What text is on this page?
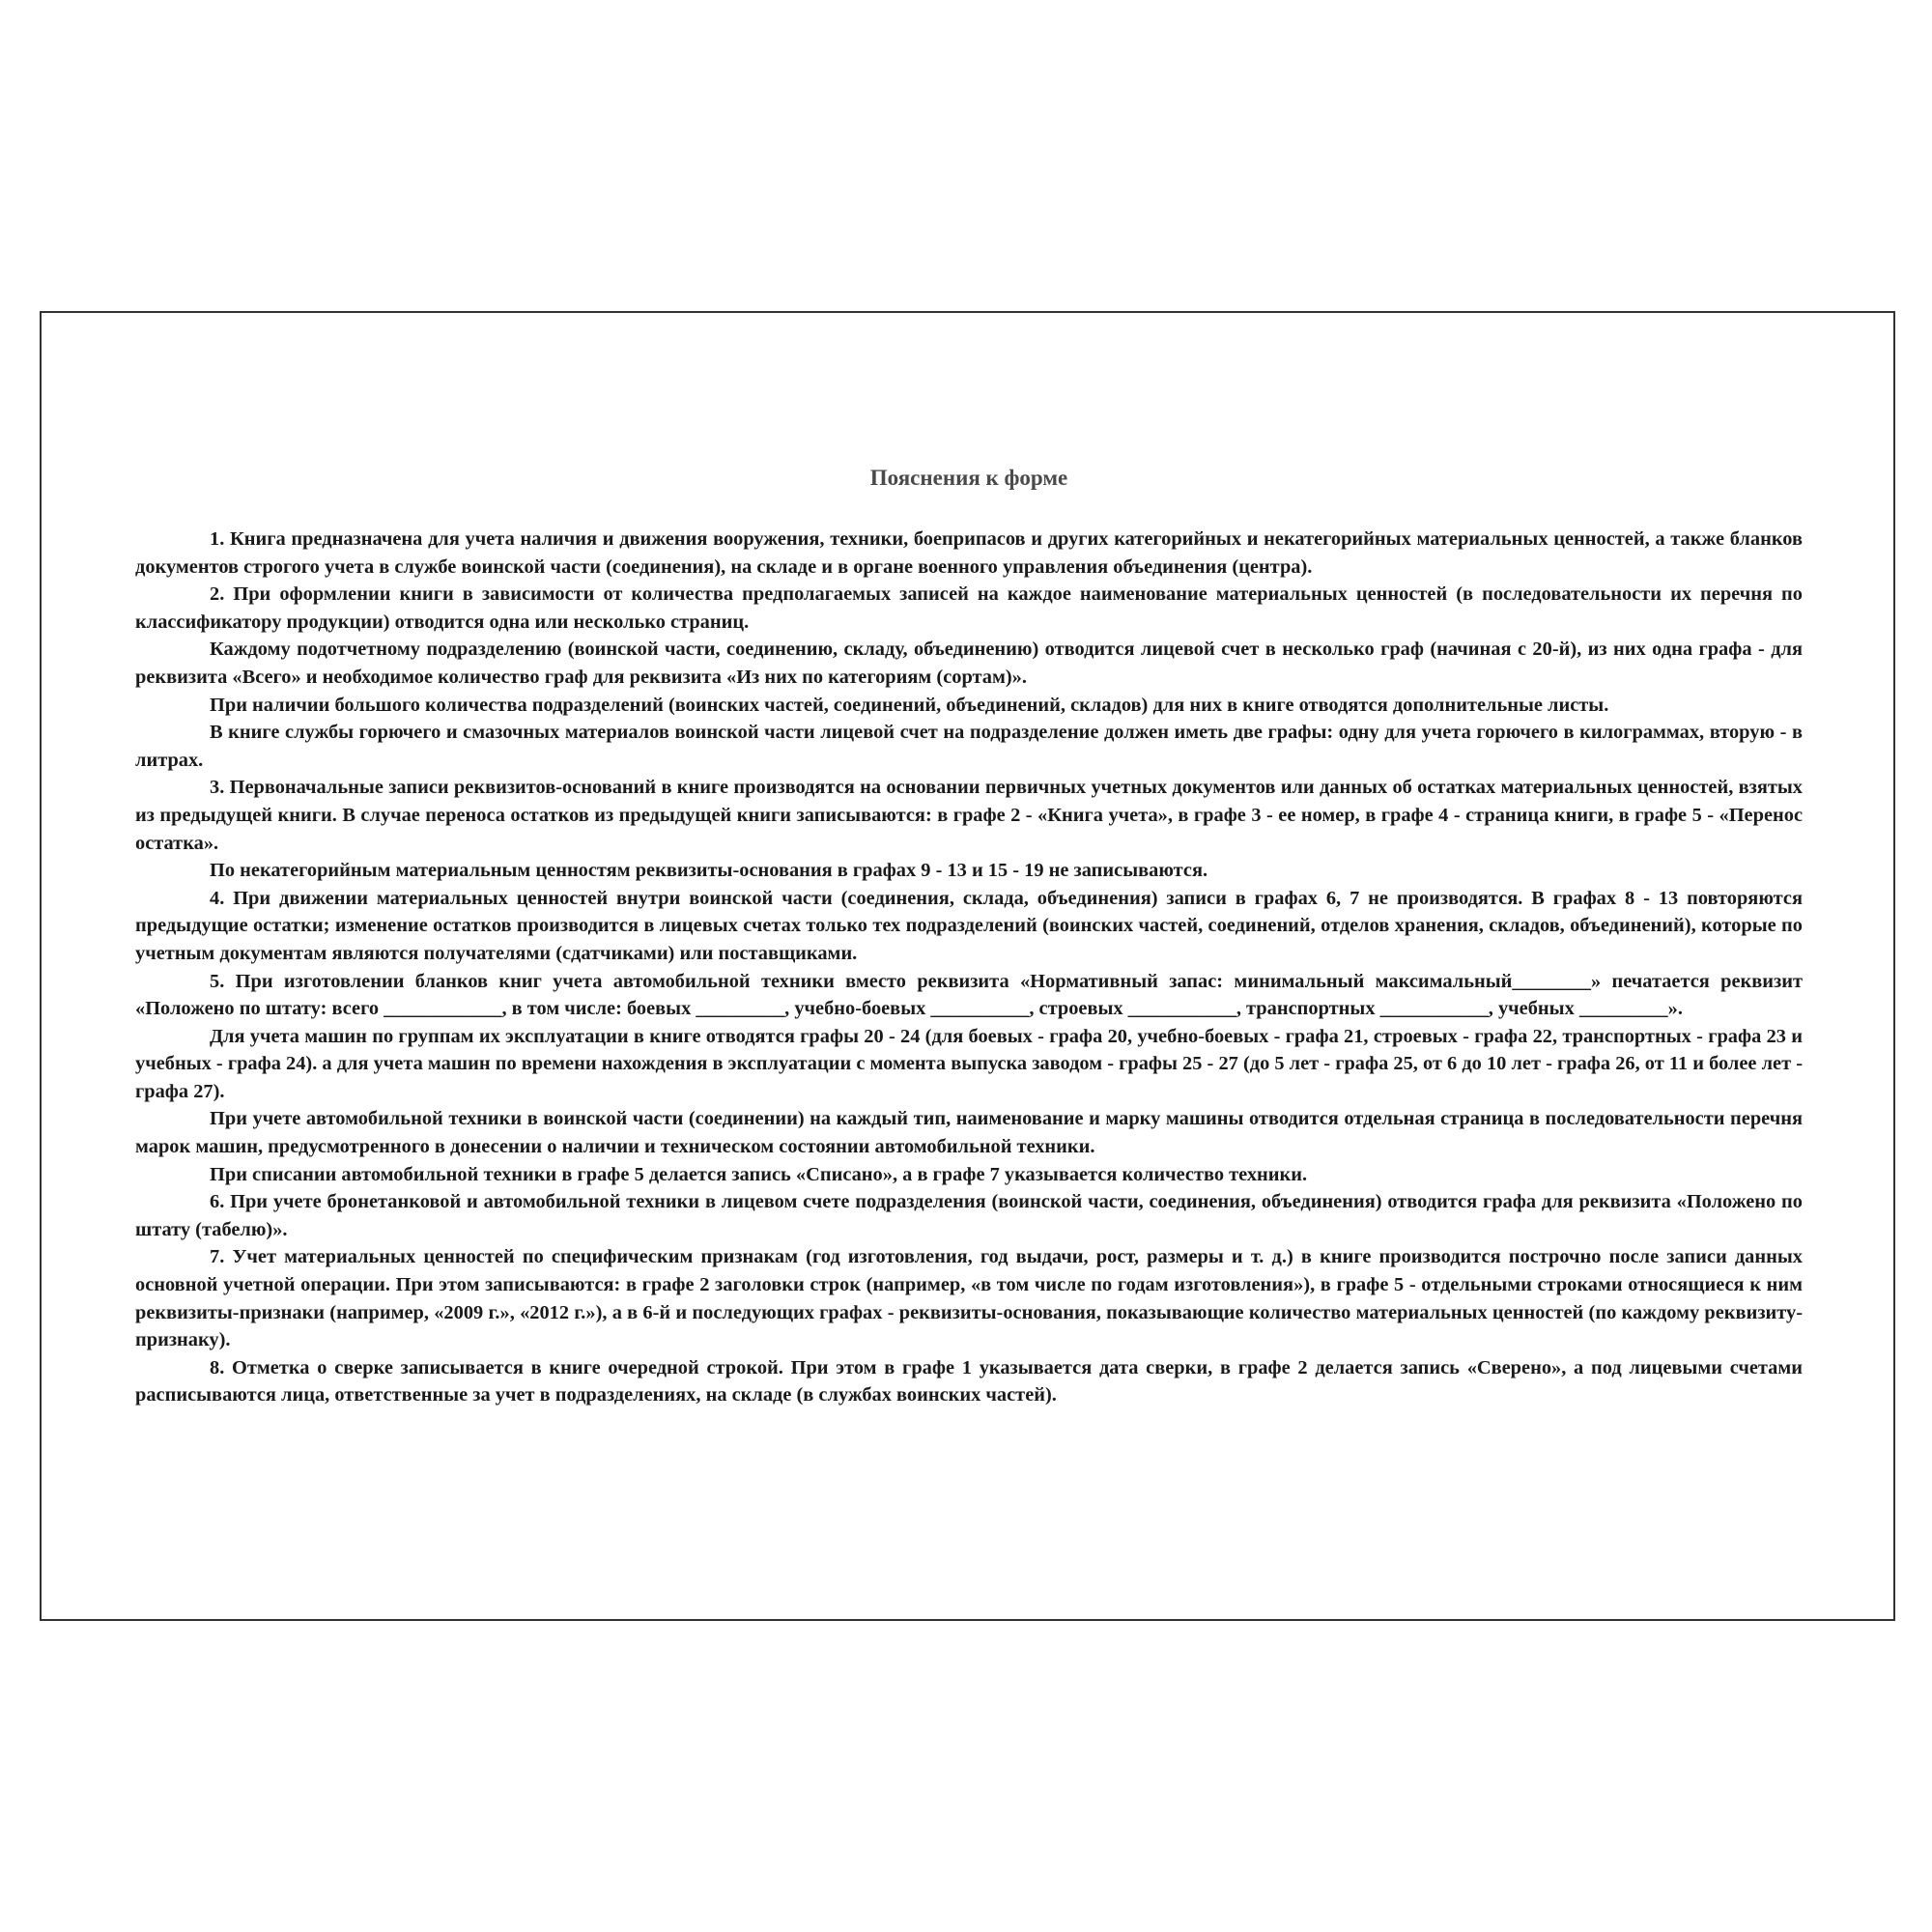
Пояснения к форме

1. Книга предназначена для учета наличия и движения вооружения, техники, боеприпасов и других категорийных и некатегорийных материальных ценностей, а также бланков документов строгого учета в службе воинской части (соединения), на складе и в органе военного управления объединения (центра).

2. При оформлении книги в зависимости от количества предполагаемых записей на каждое наименование материальных ценностей (в последовательности их перечня по классификатору продукции) отводится одна или несколько страниц.

Каждому подотчетному подразделению (воинской части, соединению, складу, объединению) отводится лицевой счет в несколько граф (начиная с 20-й), из них одна графа - для реквизита «Всего» и необходимое количество граф для реквизита «Из них по категориям (сортам)».

При наличии большого количества подразделений (воинских частей, соединений, объединений, складов) для них в книге отводятся дополнительные листы.

В книге службы горючего и смазочных материалов воинской части лицевой счет на подразделение должен иметь две графы: одну для учета горючего в килограммах, вторую - в литрах.

3. Первоначальные записи реквизитов-оснований в книге производятся на основании первичных учетных документов или данных об остатках материальных ценностей, взятых из предыдущей книги. В случае переноса остатков из предыдущей книги записываются: в графе 2 - «Книга учета», в графе 3 - ее номер, в графе 4 - страница книги, в графе 5 - «Перенос остатка».

По некатегорийным материальным ценностям реквизиты-основания в графах 9 - 13 и 15 - 19 не записываются.

4. При движении материальных ценностей внутри воинской части (соединения, склада, объединения) записи в графах 6, 7 не производятся. В графах 8 - 13 повторяются предыдущие остатки; изменение остатков производится в лицевых счетах только тех подразделений (воинских частей, соединений, отделов хранения, складов, объединений), которые по учетным документам являются получателями (сдатчиками) или поставщиками.

5. При изготовлении бланков книг учета автомобильной техники вместо реквизита «Нормативный запас: минимальный максимальный________» печатается реквизит «Положено по штату: всего ____________, в том числе: боевых _________, учебно-боевых __________, строевых ___________, транспортных ___________, учебных _________».

Для учета машин по группам их эксплуатации в книге отводятся графы 20 - 24 (для боевых - графа 20, учебно-боевых - графа 21, строевых - графа 22, транспортных - графа 23 и учебных - графа 24). а для учета машин по времени нахождения в эксплуатации с момента выпуска заводом - графы 25 - 27 (до 5 лет - графа 25, от 6 до 10 лет - графа 26, от 11 и более лет - графа 27).

При учете автомобильной техники в воинской части (соединении) на каждый тип, наименование и марку машины отводится отдельная страница в последовательности перечня марок машин, предусмотренного в донесении о наличии и техническом состоянии автомобильной техники.

При списании автомобильной техники в графе 5 делается запись «Списано», а в графе 7 указывается количество техники.

6. При учете бронетанковой и автомобильной техники в лицевом счете подразделения (воинской части, соединения, объединения) отводится графа для реквизита «Положено по штату (табелю)».

7. Учет материальных ценностей по специфическим признакам (год изготовления, год выдачи, рост, размеры и т. д.) в книге производится построчно после записи данных основной учетной операции. При этом записываются: в графе 2 заголовки строк (например, «в том числе по годам изготовления»), в графе 5 - отдельными строками относящиеся к ним реквизиты-признаки (например, «2009 г.», «2012 г.»), а в 6-й и последующих графах - реквизиты-основания, показывающие количество материальных ценностей (по каждому реквизиту-признаку).

8. Отметка о сверке записывается в книге очередной строкой. При этом в графе 1 указывается дата сверки, в графе 2 делается запись «Сверено», а под лицевыми счетами расписываются лица, ответственные за учет в подразделениях, на складе (в службах воинских частей).
